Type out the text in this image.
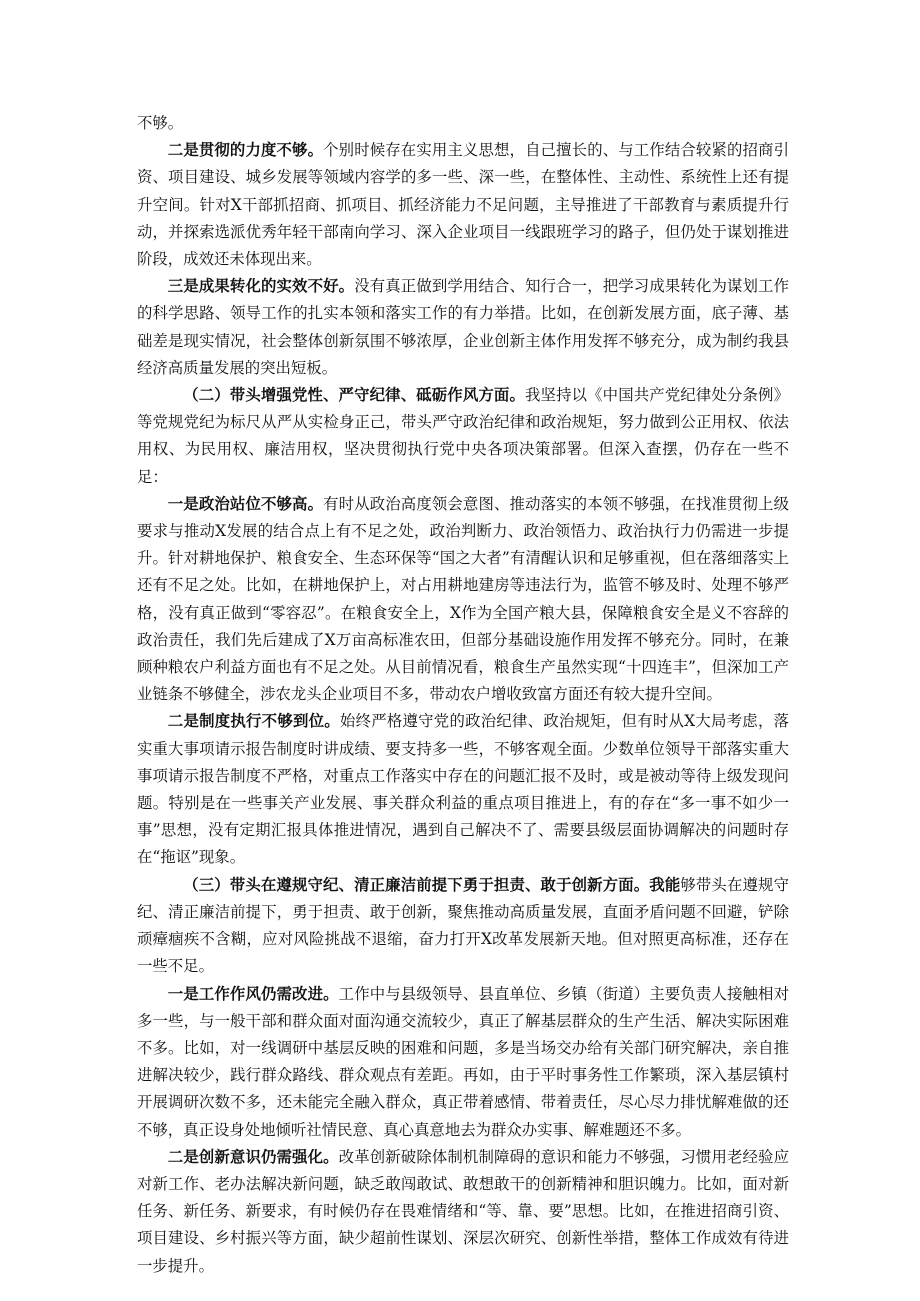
不够。

二是贯彻的力度不够。个别时候存在实用主义思想，自己擅长的、与工作结合较紧的招商引资、项目建设、城乡发展等领域内容学的多一些、深一些，在整体性、主动性、系统性上还有提升空间。针对X干部抓招商、抓项目、抓经济能力不足问题，主导推进了干部教育与素质提升行动，并探索选派优秀年轻干部南向学习、深入企业项目一线跟班学习的路子，但仍处于谋划推进阶段，成效还未体现出来。

三是成果转化的实效不好。没有真正做到学用结合、知行合一，把学习成果转化为谋划工作的科学思路、领导工作的扎实本领和落实工作的有力举措。比如，在创新发展方面，底子薄、基础差是现实情况，社会整体创新氛围不够浓厚，企业创新主体作用发挥不够充分，成为制约我县经济高质量发展的突出短板。

（二）带头增强党性、严守纪律、砥砺作风方面。我坚持以《中国共产党纪律处分条例》等党规党纪为标尺从严从实检身正己，带头严守政治纪律和政治规矩，努力做到公正用权、依法用权、为民用权、廉洁用权，坚决贯彻执行党中央各项决策部署。但深入查摆，仍存在一些不足：

一是政治站位不够高。有时从政治高度领会意图、推动落实的本领不够强，在找准贯彻上级要求与推动X发展的结合点上有不足之处，政治判断力、政治领悟力、政治执行力仍需进一步提升。针对耕地保护、粮食安全、生态环保等“国之大者”有清醒认识和足够重视，但在落细落实上还有不足之处。比如，在耕地保护上，对占用耕地建房等违法行为，监管不够及时、处理不够严格，没有真正做到“零容忍”。在粮食安全上，X作为全国产粮大县，保障粮食安全是义不容辞的政治责任，我们先后建成了X万亩高标准农田，但部分基础设施作用发挥不够充分。同时，在兼顾种粮农户利益方面也有不足之处。从目前情况看，粮食生产虽然实现“十四连丰”，但深加工产业链条不够健全，涉农龙头企业项目不多，带动农户增收致富方面还有较大提升空间。

二是制度执行不够到位。始终严格遵守党的政治纪律、政治规矩，但有时从X大局考虑，落实重大事项请示报告制度时讲成绩、要支持多一些，不够客观全面。少数单位领导干部落实重大事项请示报告制度不严格，对重点工作落实中存在的问题汇报不及时，或是被动等待上级发现问题。特别是在一些事关产业发展、事关群众利益的重点项目推进上，有的存在“多一事不如少一事”思想，没有定期汇报具体推进情况，遇到自己解决不了、需要县级层面协调解决的问题时存在“拖讴”现象。

（三）带头在遵规守纪、清正廉洁前提下勇于担责、敢于创新方面。我能够带头在遵规守纪、清正廉洁前提下，勇于担责、敢于创新，聚焦推动高质量发展，直面矛盾问题不回避，铲除顽瘴痼疾不含糊，应对风险挑战不退缩，奋力打开X改革发展新天地。但对照更高标准，还存在一些不足。

一是工作作风仍需改进。工作中与县级领导、县直单位、乡镇（街道）主要负责人接触相对多一些，与一般干部和群众面对面沟通交流较少，真正了解基层群众的生产生活、解决实际困难不多。比如，对一线调研中基层反映的困难和问题，多是当场交办给有关部门研究解决，亲自推进解决较少，践行群众路线、群众观点有差距。再如，由于平时事务性工作繁琐，深入基层镇村开展调研次数不多，还未能完全融入群众，真正带着感情、带着责任，尽心尽力排忧解难做的还不够，真正设身处地倾听社情民意、真心真意地去为群众办实事、解难题还不多。

二是创新意识仍需强化。改革创新破除体制机制障碍的意识和能力不够强，习惯用老经验应对新工作、老办法解决新问题，缺乏敢闯敢试、敢想敢干的创新精神和胆识魄力。比如，面对新任务、新任务、新要求，有时候仍存在畏难情绪和“等、靠、要”思想。比如，在推进招商引资、项目建设、乡村振兴等方面，缺少超前性谋划、深层次研究、创新性举措，整体工作成效有待进一步提升。
